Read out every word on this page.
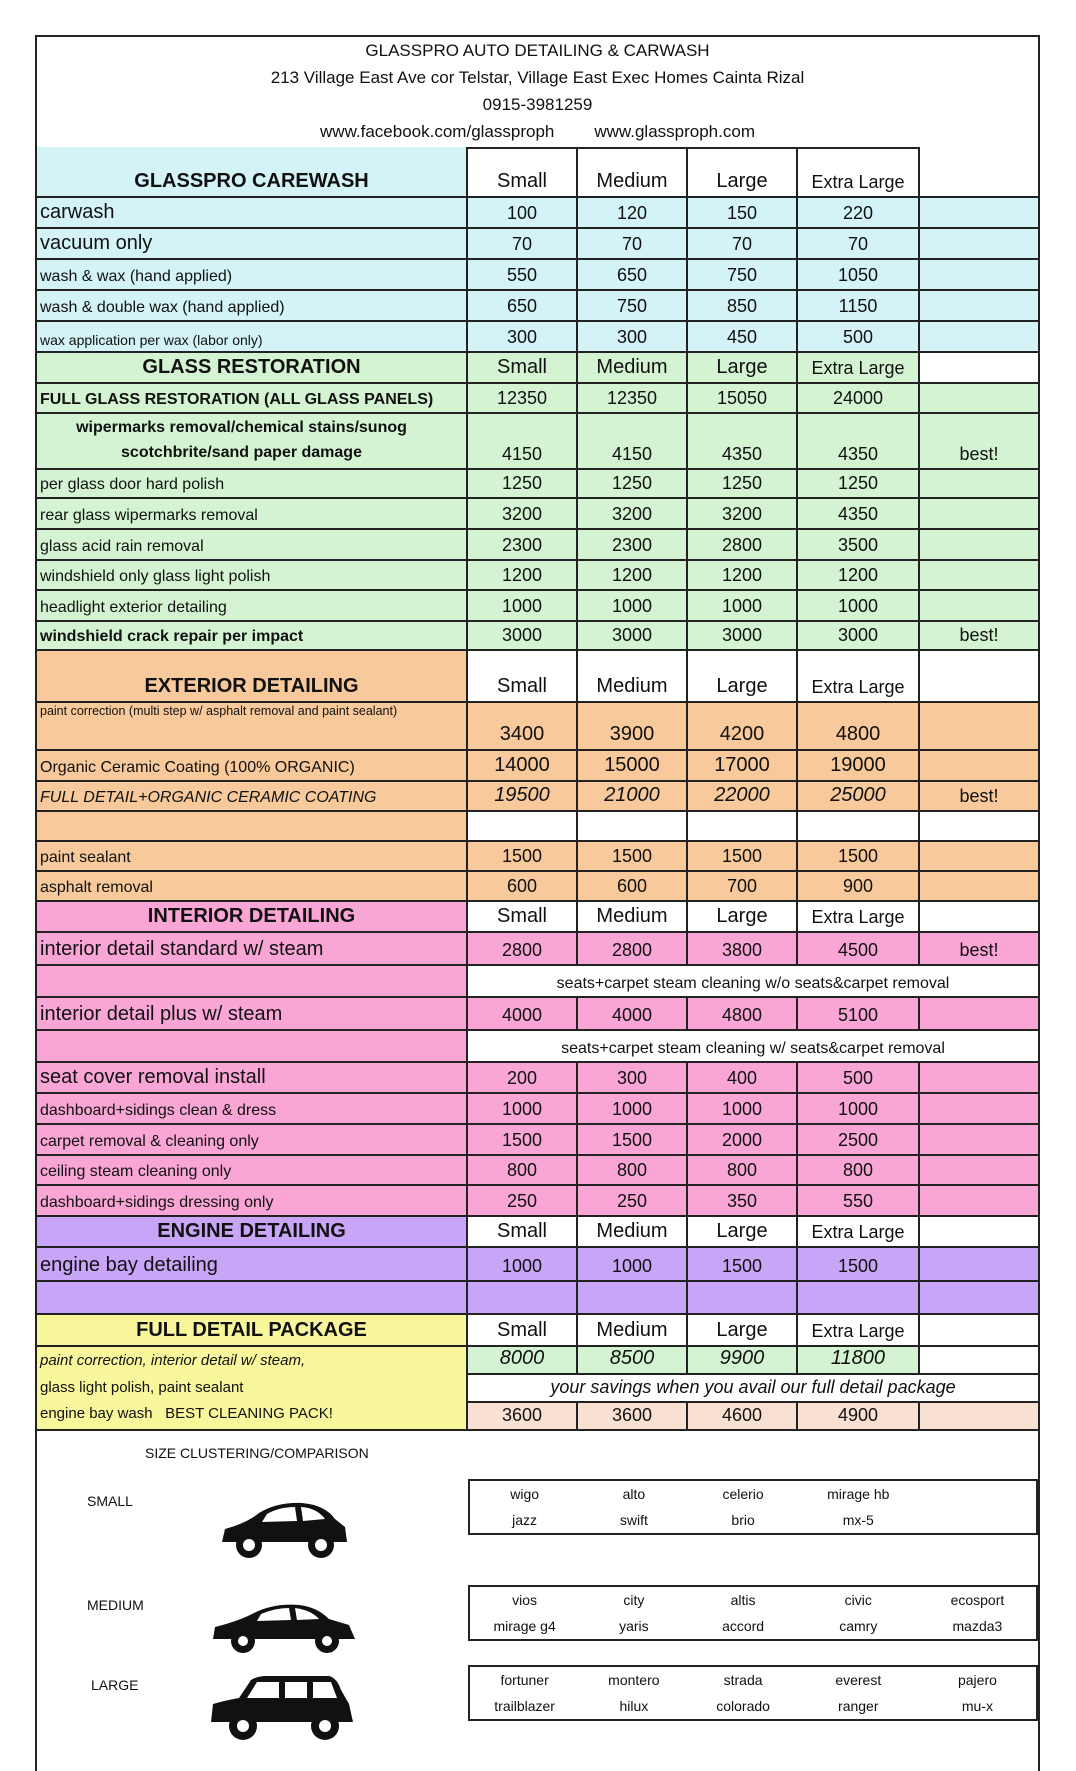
GLASSPRO AUTO DETAILING & CARWASH
213 Village East Ave cor Telstar, Village East Exec Homes Cainta Rizal
0915-3981259
www.facebook.com/glassproph www.glassproph.com
GLASSPRO CAREWASH	Small	Medium	Large	Extra Large
carwash	100	120	150	220
vacuum only	70	70	70	70
wash & wax (hand applied)	550	650	750	1050
wash & double wax (hand applied)	650	750	850	1150
wax application per wax (labor only)	300	300	450	500
GLASS RESTORATION	Small	Medium	Large	Extra Large
FULL GLASS RESTORATION (ALL GLASS PANELS)	12350	12350	15050	24000
wipermarks removal/chemical stains/sunog scotchbrite/sand paper damage	4150	4150	4350	4350	best!
per glass door hard polish	1250	1250	1250	1250
rear glass wipermarks removal	3200	3200	3200	4350
glass acid rain removal	2300	2300	2800	3500
windshield only glass light polish	1200	1200	1200	1200
headlight exterior detailing	1000	1000	1000	1000
windshield crack repair per impact	3000	3000	3000	3000	best!
EXTERIOR DETAILING	Small	Medium	Large	Extra Large
paint correction (multi step w/ asphalt removal and paint sealant)
3400	3900	4200	4800
Organic Ceramic Coating (100% ORGANIC)	14000	15000	17000	19000
FULL DETAIL+ORGANIC CERAMIC COATING	19500	21000	22000	25000	best!
paint sealant	1500	1500	1500	1500
asphalt removal	600	600	700	900
INTERIOR DETAILING	Small	Medium	Large	Extra Large
interior detail standard w/ steam	2800	2800	3800	4500	best!
seats+carpet steam cleaning w/o seats&carpet removal
interior detail plus w/ steam	4000	4000	4800	5100
seats+carpet steam cleaning w/ seats&carpet removal
seat cover removal install	200	300	400	500
dashboard+sidings clean & dress	1000	1000	1000	1000
carpet removal & cleaning only	1500	1500	2000	2500
ceiling steam cleaning only	800	800	800	800
dashboard+sidings dressing only	250	250	350	550
ENGINE DETAILING	Small	Medium	Large	Extra Large
engine bay detailing	1000	1000	1500	1500
FULL DETAIL PACKAGE	Small	Medium	Large	Extra Large
paint correction, interior detail w/ steam,
glass light polish, paint sealant
engine bay wash   BEST CLEANING PACK!
8000	8500	9900	11800
your savings when you avail our full detail package
3600	3600	4600	4900
SIZE CLUSTERING/COMPARISON
SMALL	wigo	alto	celerio	mirage hb
jazz	swift	brio	mx-5
MEDIUM	vios	city	altis	civic	ecosport
mirage g4	yaris	accord	camry	mazda3
LARGE	fortuner	montero	strada	everest	pajero
trailblazer	hilux	colorado	ranger	mu-x
